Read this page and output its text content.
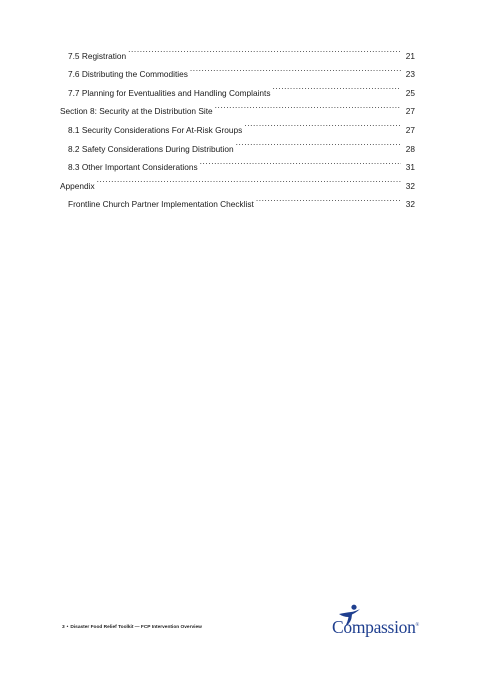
7.5 Registration .....	21
7.6 Distributing the Commodities .....	23
7.7 Planning for Eventualities and Handling Complaints .....	25
Section 8: Security at the Distribution Site .....	27
8.1 Security Considerations For At-Risk Groups .....	27
8.2 Safety Considerations During Distribution .....	28
8.3 Other Important Considerations .....	31
Appendix .....	32
Frontline Church Partner Implementation Checklist .....	32
3 • Disaster Food Relief Toolkit — FCP Intervention Overview	Compassion®
